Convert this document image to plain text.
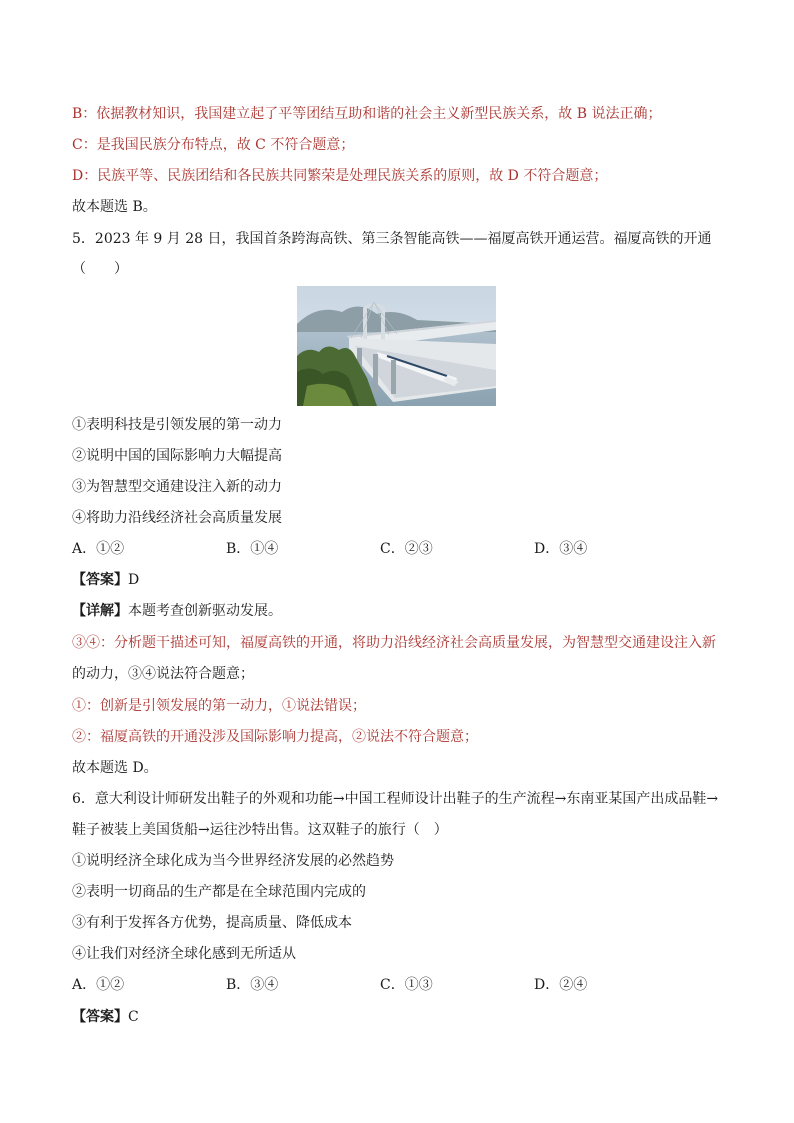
B：依据教材知识，我国建立起了平等团结互助和谐的社会主义新型民族关系，故 B 说法正确；
C：是我国民族分布特点，故 C 不符合题意；
D：民族平等、民族团结和各民族共同繁荣是处理民族关系的原则，故 D 不符合题意；
故本题选 B。
5．2023 年 9 月 28 日，我国首条跨海高铁、第三条智能高铁——福厦高铁开通运营。福厦高铁的开通
（　　）
①表明科技是引领发展的第一动力
②说明中国的国际影响力大幅提高
③为智慧型交通建设注入新的动力
④将助力沿线经济社会高质量发展
A．①②	B．①④	C．②③	D．③④
【答案】D
【详解】本题考查创新驱动发展。
③④：分析题干描述可知，福厦高铁的开通，将助力沿线经济社会高质量发展，为智慧型交通建设注入新
的动力，③④说法符合题意；
①：创新是引领发展的第一动力，①说法错误；
②：福厦高铁的开通没涉及国际影响力提高，②说法不符合题意；
故本题选 D。
6．意大利设计师研发出鞋子的外观和功能→中国工程师设计出鞋子的生产流程→东南亚某国产出成品鞋→
鞋子被装上美国货船→运往沙特出售。这双鞋子的旅行（　）
①说明经济全球化成为当今世界经济发展的必然趋势
②表明一切商品的生产都是在全球范围内完成的
③有利于发挥各方优势，提高质量、降低成本
④让我们对经济全球化感到无所适从
A．①②	B．③④	C．①③	D．②④
【答案】C
